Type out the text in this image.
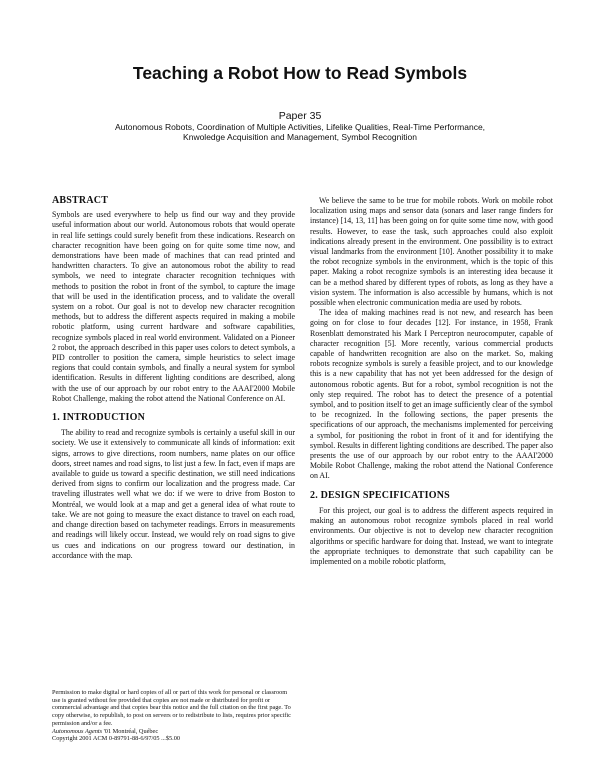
Teaching a Robot How to Read Symbols
Paper 35
Autonomous Robots, Coordination of Multiple Activities, Lifelike Qualities, Real-Time Performance,
Knwoledge Acquisition and Management, Symbol Recognition
ABSTRACT

Symbols are used everywhere to help us find our way and they provide useful information about our world. Autonomous robots that would operate in real life settings could surely benefit from these indications. Research on character recognition have been going on for quite some time now, and demonstrations have been made of machines that can read printed and handwritten characters. To give an autonomous robot the ability to read symbols, we need to integrate character recognition techniques with methods to position the robot in front of the symbol, to capture the image that will be used in the identification process, and to validate the overall system on a robot. Our goal is not to develop new character recognition methods, but to address the different aspects required in making a mobile robotic platform, using current hardware and software capabilities, recognize symbols placed in real world environment. Validated on a Pioneer 2 robot, the approach described in this paper uses colors to detect symbols, a PID controller to position the camera, simple heuristics to select image regions that could contain symbols, and finally a neural system for symbol identification. Results in different lighting conditions are described, along with the use of our approach by our robot entry to the AAAI'2000 Mobile Robot Challenge, making the robot attend the National Conference on AI.

1. INTRODUCTION

The ability to read and recognize symbols is certainly a useful skill in our society. We use it extensively to communicate all kinds of information: exit signs, arrows to give directions, room numbers, name plates on our office doors, street names and road signs, to list just a few. In fact, even if maps are available to guide us toward a specific destination, we still need indications derived from signs to confirm our localization and the progress made. Car traveling illustrates well what we do: if we were to drive from Boston to Montréal, we would look at a map and get a general idea of what route to take. We are not going to measure the exact distance to travel on each road, and change direction based on tachymeter readings. Errors in measurements and readings will likely occur. Instead, we would rely on road signs to give us cues and indications on our progress toward our destination, in accordance with the map.

Permission to make digital or hard copies of all or part of this work for personal or classroom use is granted without fee provided that copies are not made or distributed for profit or commercial advantage and that copies bear this notice and the full citation on the first page. To copy otherwise, to republish, to post on servers or to redistribute to lists, requires prior specific permission and/or a fee.

Autonomous Agents '01 Montréal, Québec

Copyright 2001 ACM 0-89791-88-6/97/05 ...$5.00

We believe the same to be true for mobile robots. Work on mobile robot localization using maps and sensor data (sonars and laser range finders for instance) [14, 13, 11] has been going on for quite some time now, with good results. However, to ease the task, such approaches could also exploit indications already present in the environment. One possibility is to extract visual landmarks from the environment [10]. Another possibility it to make the robot recognize symbols in the environment, which is the topic of this paper. Making a robot recognize symbols is an interesting idea because it can be a method shared by different types of robots, as long as they have a vision system. The information is also accessible by humans, which is not possible when electronic communication media are used by robots.

The idea of making machines read is not new, and research has been going on for close to four decades [12]. For instance, in 1958, Frank Rosenblatt demonstrated his Mark I Perceptron neurocomputer, capable of character recognition [5]. More recently, various commercial products capable of handwritten recognition are also on the market. So, making robots recognize symbols is surely a feasible project, and to our knowledge this is a new capability that has not yet been addressed for the design of autonomous robotic agents. But for a robot, symbol recognition is not the only step required. The robot has to detect the presence of a potential symbol, and to position itself to get an image sufficiently clear of the symbol to be recognized. In the following sections, the paper presents the specifications of our approach, the mechanisms implemented for perceiving a symbol, for positioning the robot in front of it and for identifying the symbol. Results in different lighting conditions are described. The paper also presents the use of our approach by our robot entry to the AAAI'2000 Mobile Robot Challenge, making the robot attend the National Conference on AI.

2. DESIGN SPECIFICATIONS

For this project, our goal is to address the different aspects required in making an autonomous robot recognize symbols placed in real world environments. Our objective is not to develop new character recognition algorithms or specific hardware for doing that. Instead, we want to integrate the appropriate techniques to demonstrate that such capability can be implemented on a mobile robotic platform,
